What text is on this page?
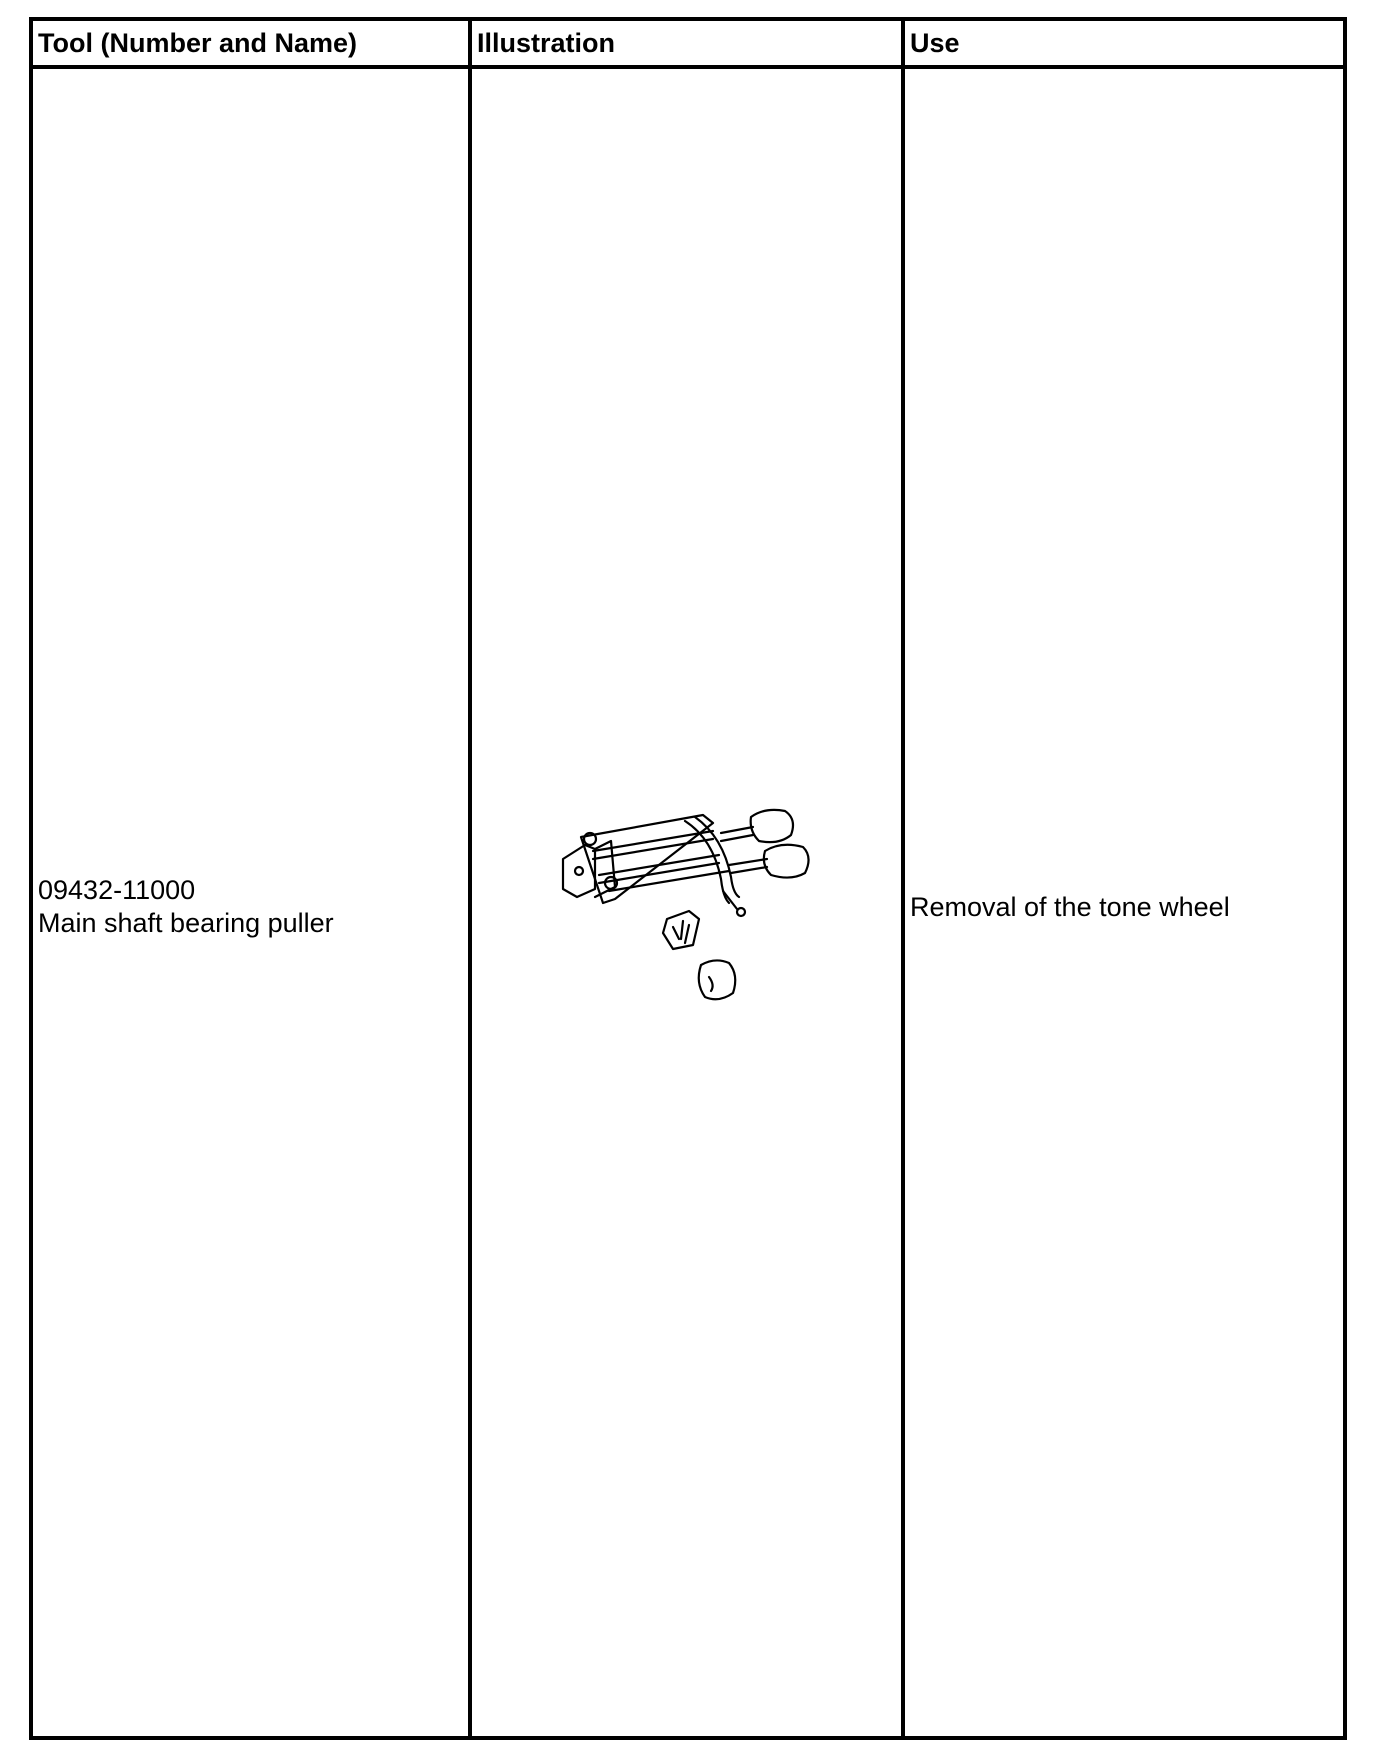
Tool (Number and Name)	Illustration	Use
09432-11000
Main shaft bearing puller
Removal of the tone wheel
